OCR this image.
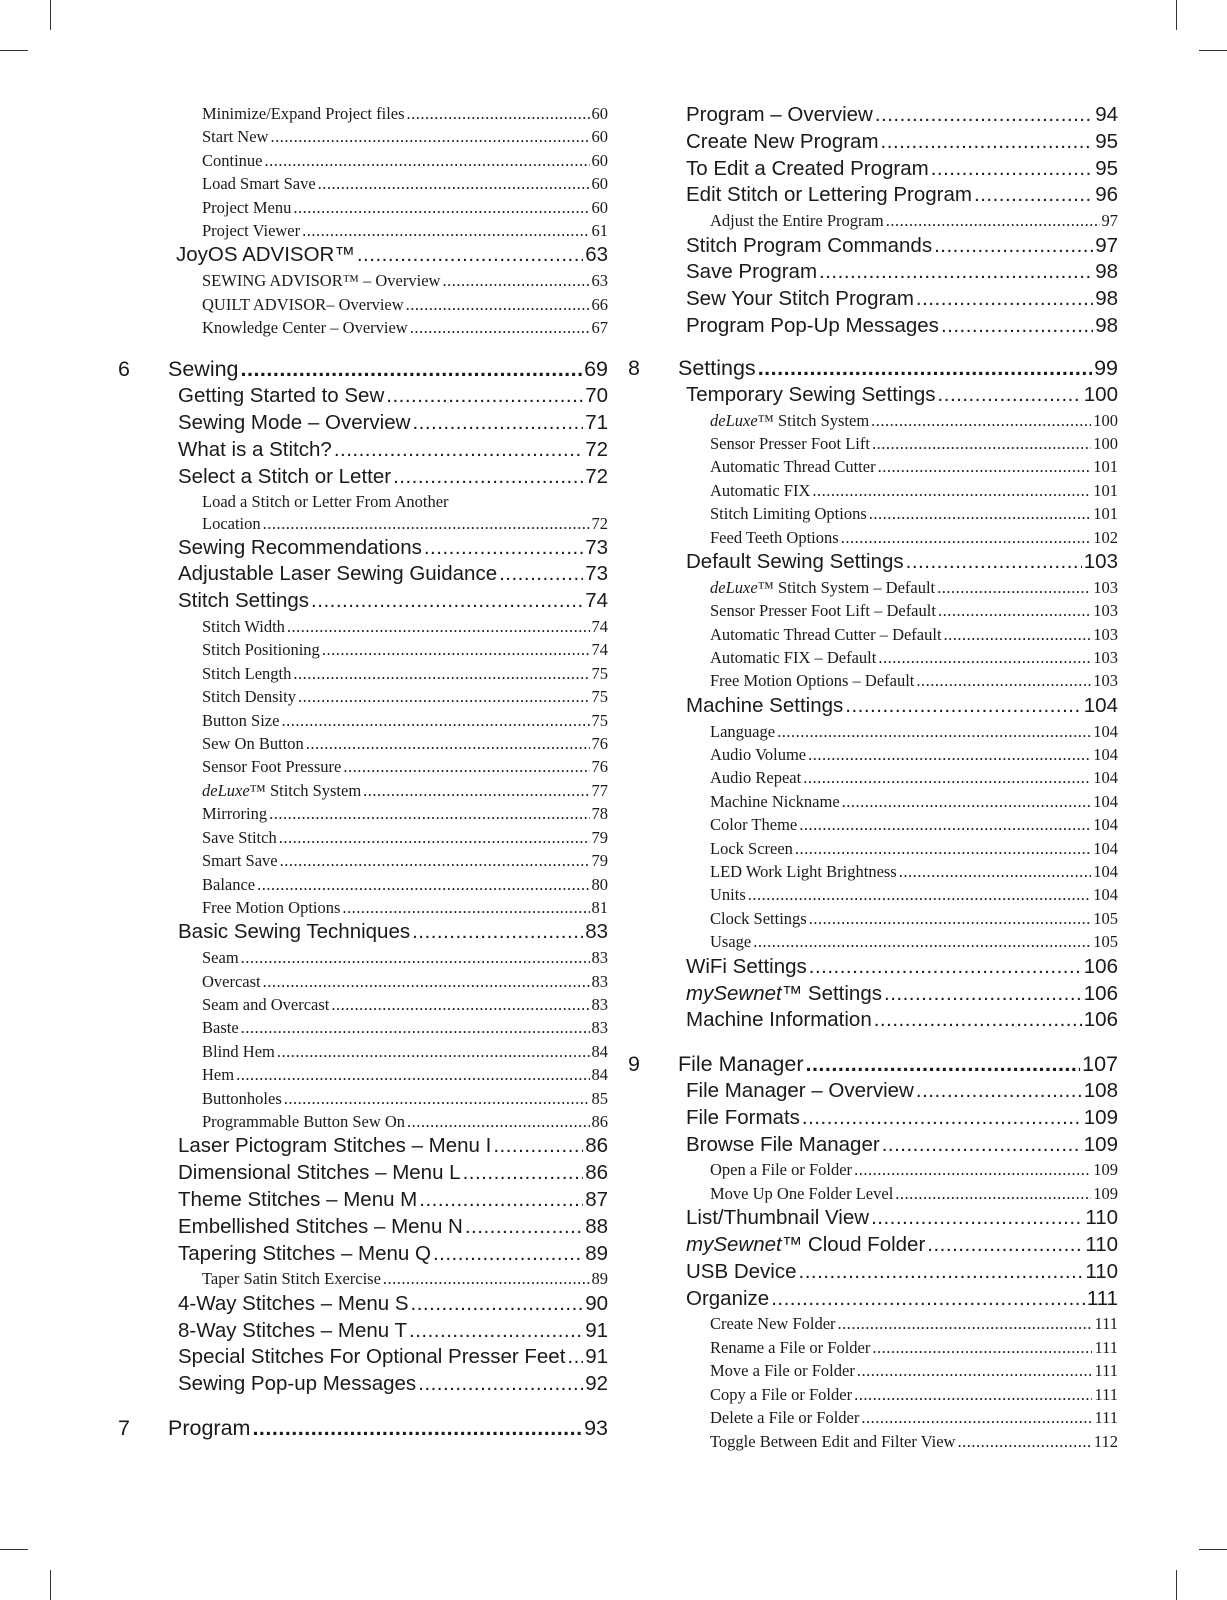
Minimize/Expand Project files .....	60
Start New .....	60
Continue .....	60
Load Smart Save .....	60
Project Menu .....	60
Project Viewer .....	61
JoyOS ADVISOR™ .....	63
SEWING ADVISOR™ – Overview .....	63
QUILT ADVISOR– Overview .....	66
Knowledge Center – Overview .....	67
6	Sewing .....	69
Getting Started to Sew .....	70
Sewing Mode – Overview .....	71
What is a Stitch? .....	72
Select a Stitch or Letter .....	72
Load a Stitch or Letter From Another
Location .....	72
Sewing Recommendations .....	73
Adjustable Laser Sewing Guidance .....	73
Stitch Settings .....	74
Stitch Width .....	74
Stitch Positioning .....	74
Stitch Length .....	75
Stitch Density .....	75
Button Size .....	75
Sew On Button .....	76
Sensor Foot Pressure .....	76
deLuxe™ Stitch System .....	77
Mirroring .....	78
Save Stitch .....	79
Smart Save .....	79
Balance .....	80
Free Motion Options .....	81
Basic Sewing Techniques .....	83
Seam .....	83
Overcast .....	83
Seam and Overcast .....	83
Baste .....	83
Blind Hem .....	84
Hem .....	84
Buttonholes .....	85
Programmable Button Sew On .....	86
Laser Pictogram Stitches – Menu I .....	86
Dimensional Stitches – Menu L .....	86
Theme Stitches – Menu M .....	87
Embellished Stitches – Menu N .....	88
Tapering Stitches – Menu Q .....	89
Taper Satin Stitch Exercise .....	89
4-Way Stitches – Menu S .....	90
8-Way Stitches – Menu T .....	91
Special Stitches For Optional Presser Feet ..... 91
Sewing Pop-up Messages .....	92
7	Program .....	93
Program – Overview .....	94
Create New Program .....	95
To Edit a Created Program .....	95
Edit Stitch or Lettering Program .....	96
Adjust the Entire Program .....	97
Stitch Program Commands .....	97
Save Program .....	98
Sew Your Stitch Program .....	98
Program Pop-Up Messages .....	98
8	Settings .....	99
Temporary Sewing Settings .....	100
deLuxe™ Stitch System .....	100
Sensor Presser Foot Lift .....	100
Automatic Thread Cutter .....	101
Automatic FIX .....	101
Stitch Limiting Options .....	101
Feed Teeth Options .....	102
Default Sewing Settings .....	103
deLuxe™ Stitch System – Default .....	103
Sensor Presser Foot Lift – Default .....	103
Automatic Thread Cutter – Default .....	103
Automatic FIX – Default .....	103
Free Motion Options – Default .....	103
Machine Settings .....	104
Language .....	104
Audio Volume .....	104
Audio Repeat .....	104
Machine Nickname .....	104
Color Theme .....	104
Lock Screen .....	104
LED Work Light Brightness .....	104
Units .....	104
Clock Settings .....	105
Usage .....	105
WiFi Settings .....	106
mySewnet™ Settings .....	106
Machine Information .....	106
9	File Manager .....	107
File Manager – Overview .....	108
File Formats .....	109
Browse File Manager .....	109
Open a File or Folder .....	109
Move Up One Folder Level .....	109
List/Thumbnail View .....	110
mySewnet™ Cloud Folder .....	110
USB Device .....	110
Organize .....	111
Create New Folder .....	111
Rename a File or Folder .....	111
Move a File or Folder .....	111
Copy a File or Folder .....	111
Delete a File or Folder .....	111
Toggle Between Edit and Filter View .....	112
